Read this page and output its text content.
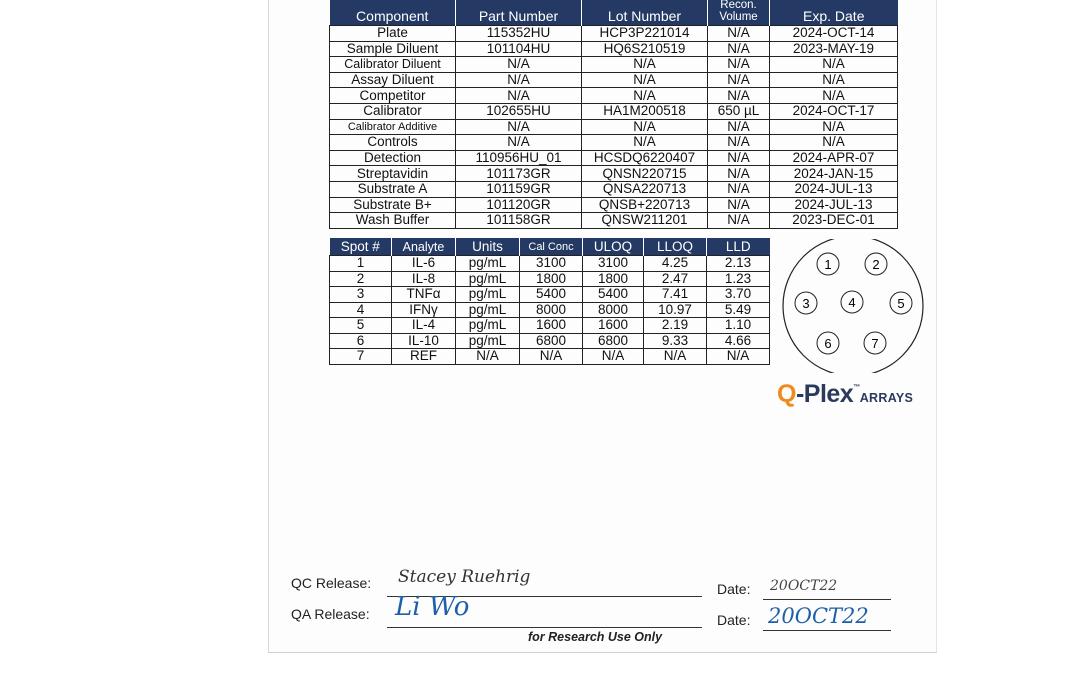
Component	Part Number	Lot Number	Recon. Volume	Exp. Date
Plate	115352HU	HCP3P221014	N/A	2024-OCT-14
Sample Diluent	101104HU	HQ6S210519	N/A	2023-MAY-19
Calibrator Diluent	N/A	N/A	N/A	N/A
Assay Diluent	N/A	N/A	N/A	N/A
Competitor	N/A	N/A	N/A	N/A
Calibrator	102655HU	HA1M200518	650 µL	2024-OCT-17
Calibrator Additive	N/A	N/A	N/A	N/A
Controls	N/A	N/A	N/A	N/A
Detection	110956HU_01	HCSDQ6220407	N/A	2024-APR-07
Streptavidin	101173GR	QNSN220715	N/A	2024-JAN-15
Substrate A	101159GR	QNSA220713	N/A	2024-JUL-13
Substrate B+	101120GR	QNSB+220713	N/A	2024-JUL-13
Wash Buffer	101158GR	QNSW211201	N/A	2023-DEC-01
Spot #	Analyte	Units	Cal Conc	ULOQ	LLOQ	LLD
1	IL-6	pg/mL	3100	3100	4.25	2.13
2	IL-8	pg/mL	1800	1800	2.47	1.23
3	TNFα	pg/mL	5400	5400	7.41	3.70
4	IFNγ	pg/mL	8000	8000	10.97	5.49
5	IL-4	pg/mL	1600	1600	2.19	1.10
6	IL-10	pg/mL	6800	6800	9.33	4.66
7	REF	N/A	N/A	N/A	N/A	N/A
1	2
3	4	5
6	7
Q-Plex™ARRAYS
QC Release: Stacey Ruehrig
Date: 20OCT22
QA Release: Li Wo	Date: 20OCT22
for Research Use Only
